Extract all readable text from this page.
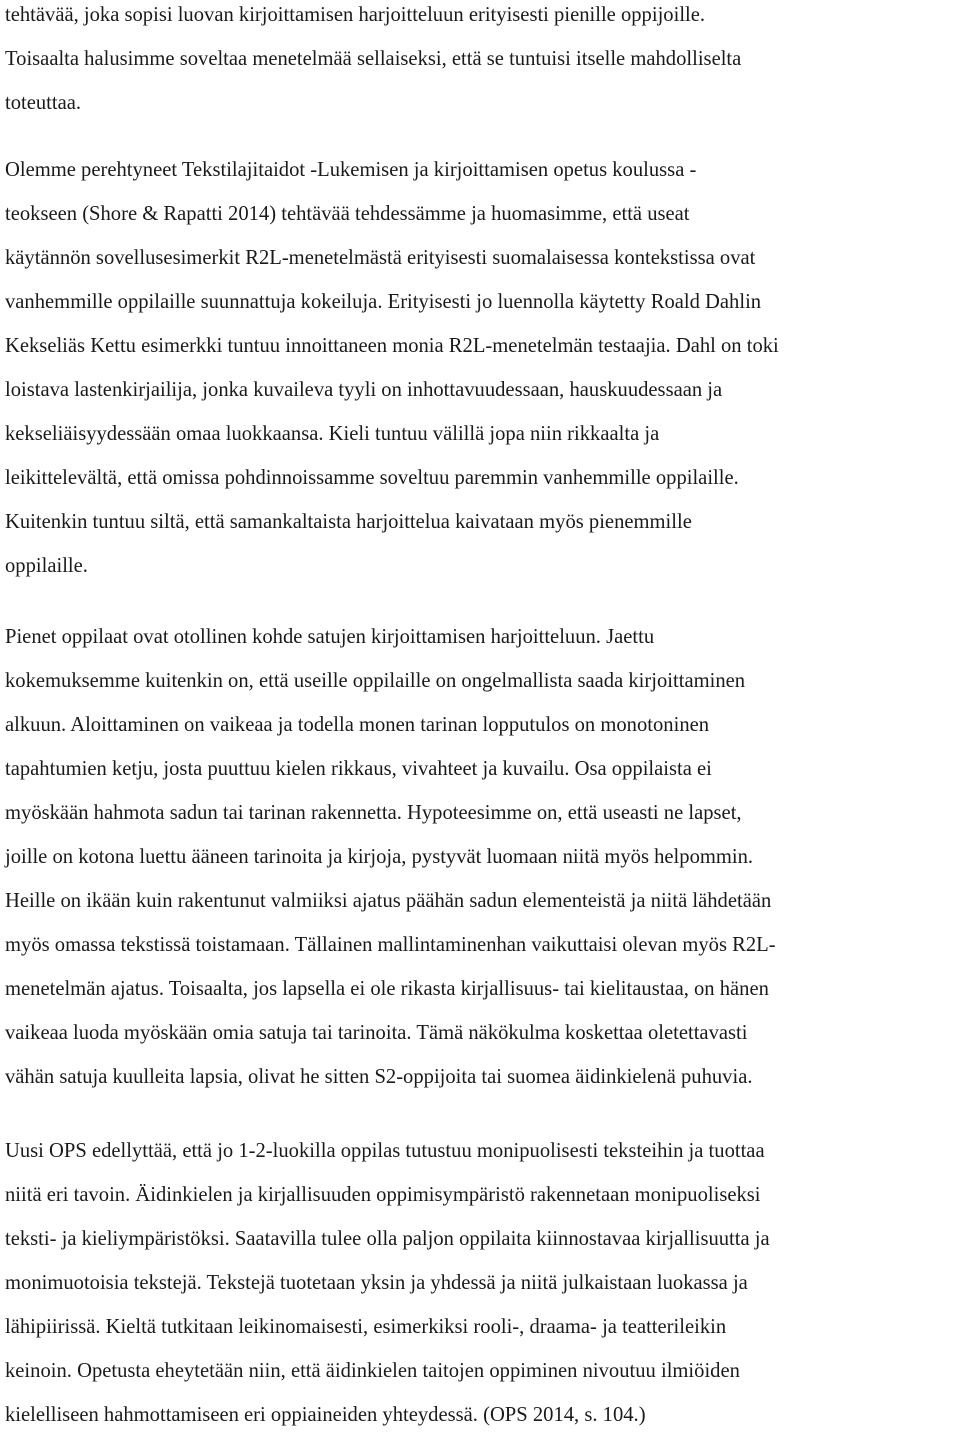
tehtävää, joka sopisi luovan kirjoittamisen harjoitteluun erityisesti pienille oppijoille.
Toisaalta halusimme soveltaa menetelmää sellaiseksi, että se tuntuisi itselle mahdolliselta
toteuttaa.
Olemme perehtyneet Tekstilajitaidot -Lukemisen ja kirjoittamisen opetus koulussa -
teokseen (Shore & Rapatti 2014) tehtävää tehdessämme ja huomasimme, että useat
käytännön sovellusesimerkit R2L-menetelmästä erityisesti suomalaisessa kontekstissa ovat
vanhemmille oppilaille suunnattuja kokeiluja. Erityisesti jo luennolla käytetty Roald Dahlin
Kekseliäs Kettu esimerkki tuntuu innoittaneen monia R2L-menetelmän testaajia. Dahl on toki
loistava lastenkirjailija, jonka kuvaileva tyyli on inhottavuudessaan, hauskuudessaan ja
kekseliäisyydessään omaa luokkaansa. Kieli tuntuu välillä jopa niin rikkaalta ja
leikittelevältä, että omissa pohdinnoissamme soveltuu paremmin vanhemmille oppilaille.
Kuitenkin tuntuu siltä, että samankaltaista harjoittelua kaivataan myös pienemmille
oppilaille.
Pienet oppilaat ovat otollinen kohde satujen kirjoittamisen harjoitteluun. Jaettu
kokemuksemme kuitenkin on, että useille oppilaille on ongelmallista saada kirjoittaminen
alkuun. Aloittaminen on vaikeaa ja todella monen tarinan lopputulos on monotoninen
tapahtumien ketju, josta puuttuu kielen rikkaus, vivahteet ja kuvailu. Osa oppilaista ei
myöskään hahmota sadun tai tarinan rakennetta. Hypoteesimme on, että useasti ne lapset,
joille on kotona luettu ääneen tarinoita ja kirjoja, pystyvät luomaan niitä myös helpommin.
Heille on ikään kuin rakentunut valmiiksi ajatus päähän sadun elementeistä ja niitä lähdetään
myös omassa tekstissä toistamaan. Tällainen mallintaminenhan vaikuttaisi olevan myös R2L-
menetelmän ajatus. Toisaalta, jos lapsella ei ole rikasta kirjallisuus- tai kielitaustaa, on hänen
vaikeaa luoda myöskään omia satuja tai tarinoita. Tämä näkökulma koskettaa oletettavasti
vähän satuja kuulleita lapsia, olivat he sitten S2-oppijoita tai suomea äidinkielenä puhuvia.
Uusi OPS edellyttää, että jo 1-2-luokilla oppilas tutustuu monipuolisesti teksteihin ja tuottaa
niitä eri tavoin. Äidinkielen ja kirjallisuuden oppimisympäristö rakennetaan monipuoliseksi
teksti- ja kieliympäristöksi. Saatavilla tulee olla paljon oppilaita kiinnostavaa kirjallisuutta ja
monimuotoisia tekstejä. Tekstejä tuotetaan yksin ja yhdessä ja niitä julkaistaan luokassa ja
lähipiirissä. Kieltä tutkitaan leikinomaisesti, esimerkiksi rooli-, draama- ja teatterileikin
keinoin. Opetusta eheytetään niin, että äidinkielen taitojen oppiminen nivoutuu ilmiöiden
kielelliseen hahmottamiseen eri oppiaineiden yhteydessä. (OPS 2014, s. 104.)
